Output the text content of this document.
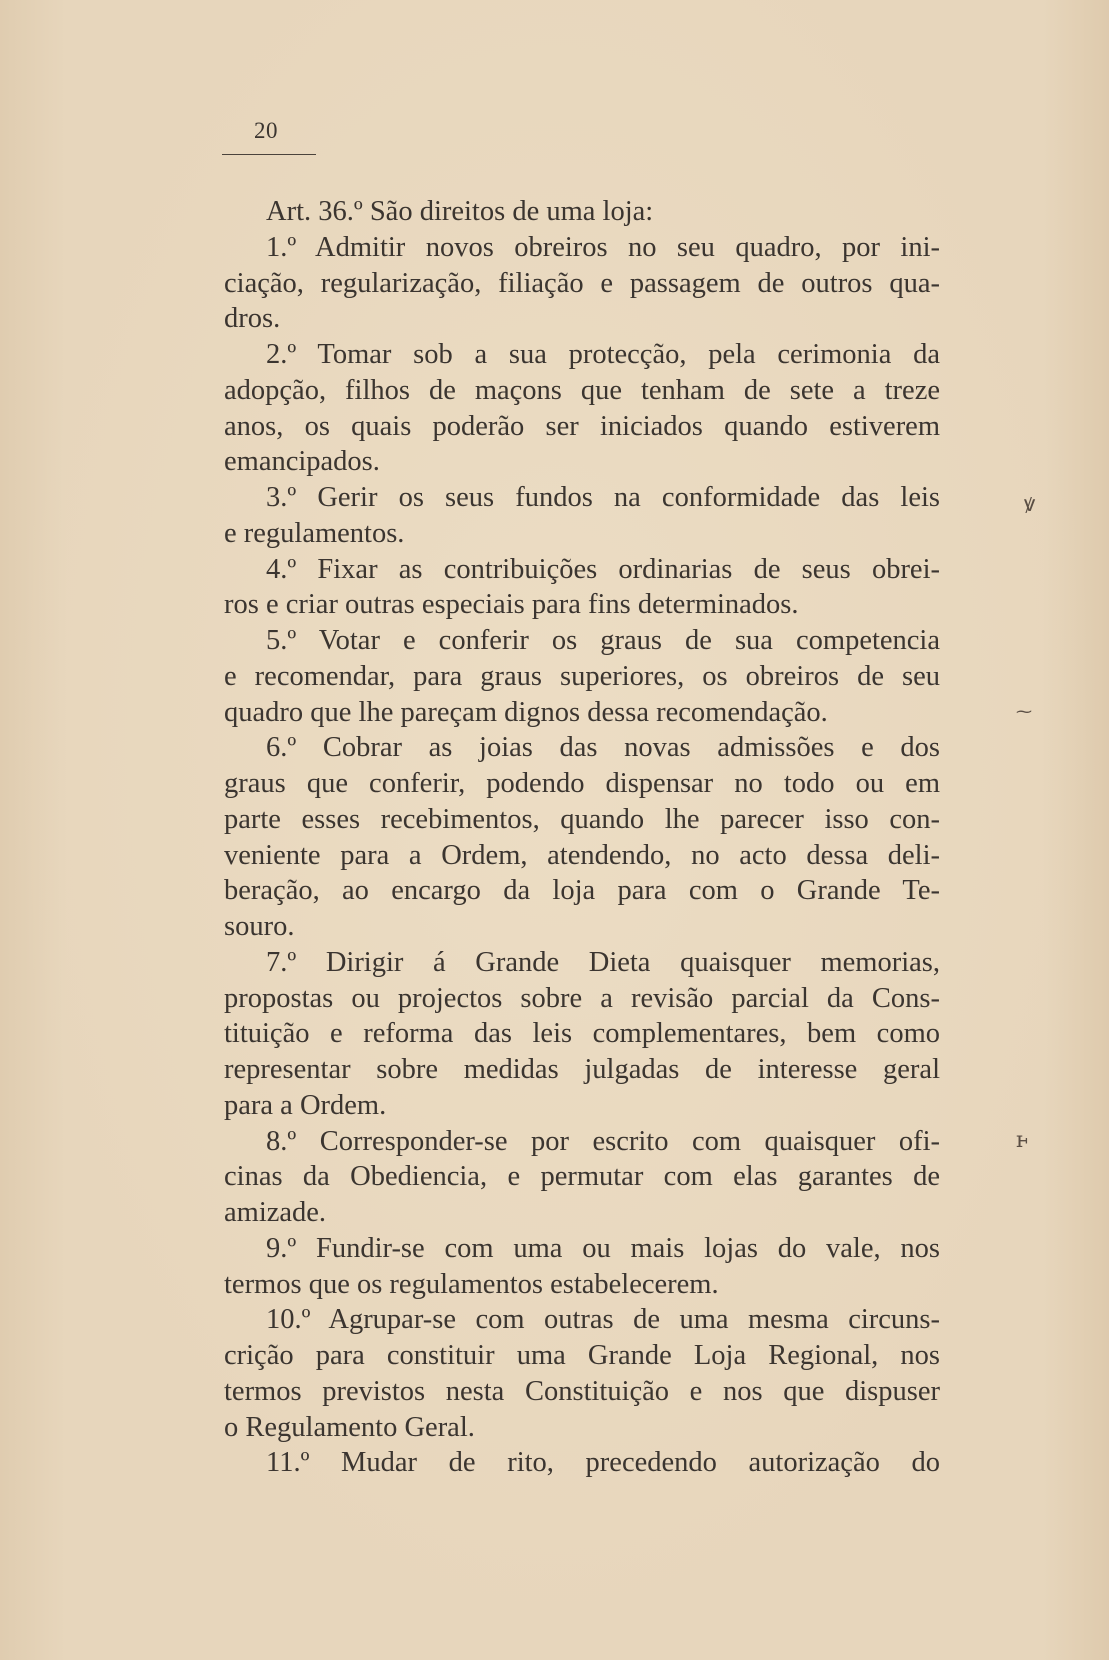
20
Art. 36.º São direitos de uma loja:
1.º Admitir novos obreiros no seu quadro, por ini-
ciação, regularização, filiação e passagem de outros qua-
dros.
2.º Tomar sob a sua protecção, pela cerimonia da
adopção, filhos de maçons que tenham de sete a treze
anos, os quais poderão ser iniciados quando estiverem
emancipados.
3.º Gerir os seus fundos na conformidade das leis
e regulamentos.
4.º Fixar as contribuições ordinarias de seus obrei-
ros e criar outras especiais para fins determinados.
5.º Votar e conferir os graus de sua competencia
e recomendar, para graus superiores, os obreiros de seu
quadro que lhe pareçam dignos dessa recomendação.
6.º Cobrar as joias das novas admissões e dos
graus que conferir, podendo dispensar no todo ou em
parte esses recebimentos, quando lhe parecer isso con-
veniente para a Ordem, atendendo, no acto dessa deli-
beração, ao encargo da loja para com o Grande Te-
souro.
7.º Dirigir á Grande Dieta quaisquer memorias,
propostas ou projectos sobre a revisão parcial da Cons-
tituição e reforma das leis complementares, bem como
representar sobre medidas julgadas de interesse geral
para a Ordem.
8.º Corresponder-se por escrito com quaisquer ofi-
cinas da Obediencia, e permutar com elas garantes de
amizade.
9.º Fundir-se com uma ou mais lojas do vale, nos
termos que os regulamentos estabelecerem.
10.º Agrupar-se com outras de uma mesma circuns-
crição para constituir uma Grande Loja Regional, nos
termos previstos nesta Constituição e nos que dispuser
o Regulamento Geral.
11.º Mudar de rito, precedendo autorização do
ꝟ
⁓
ⱶ
